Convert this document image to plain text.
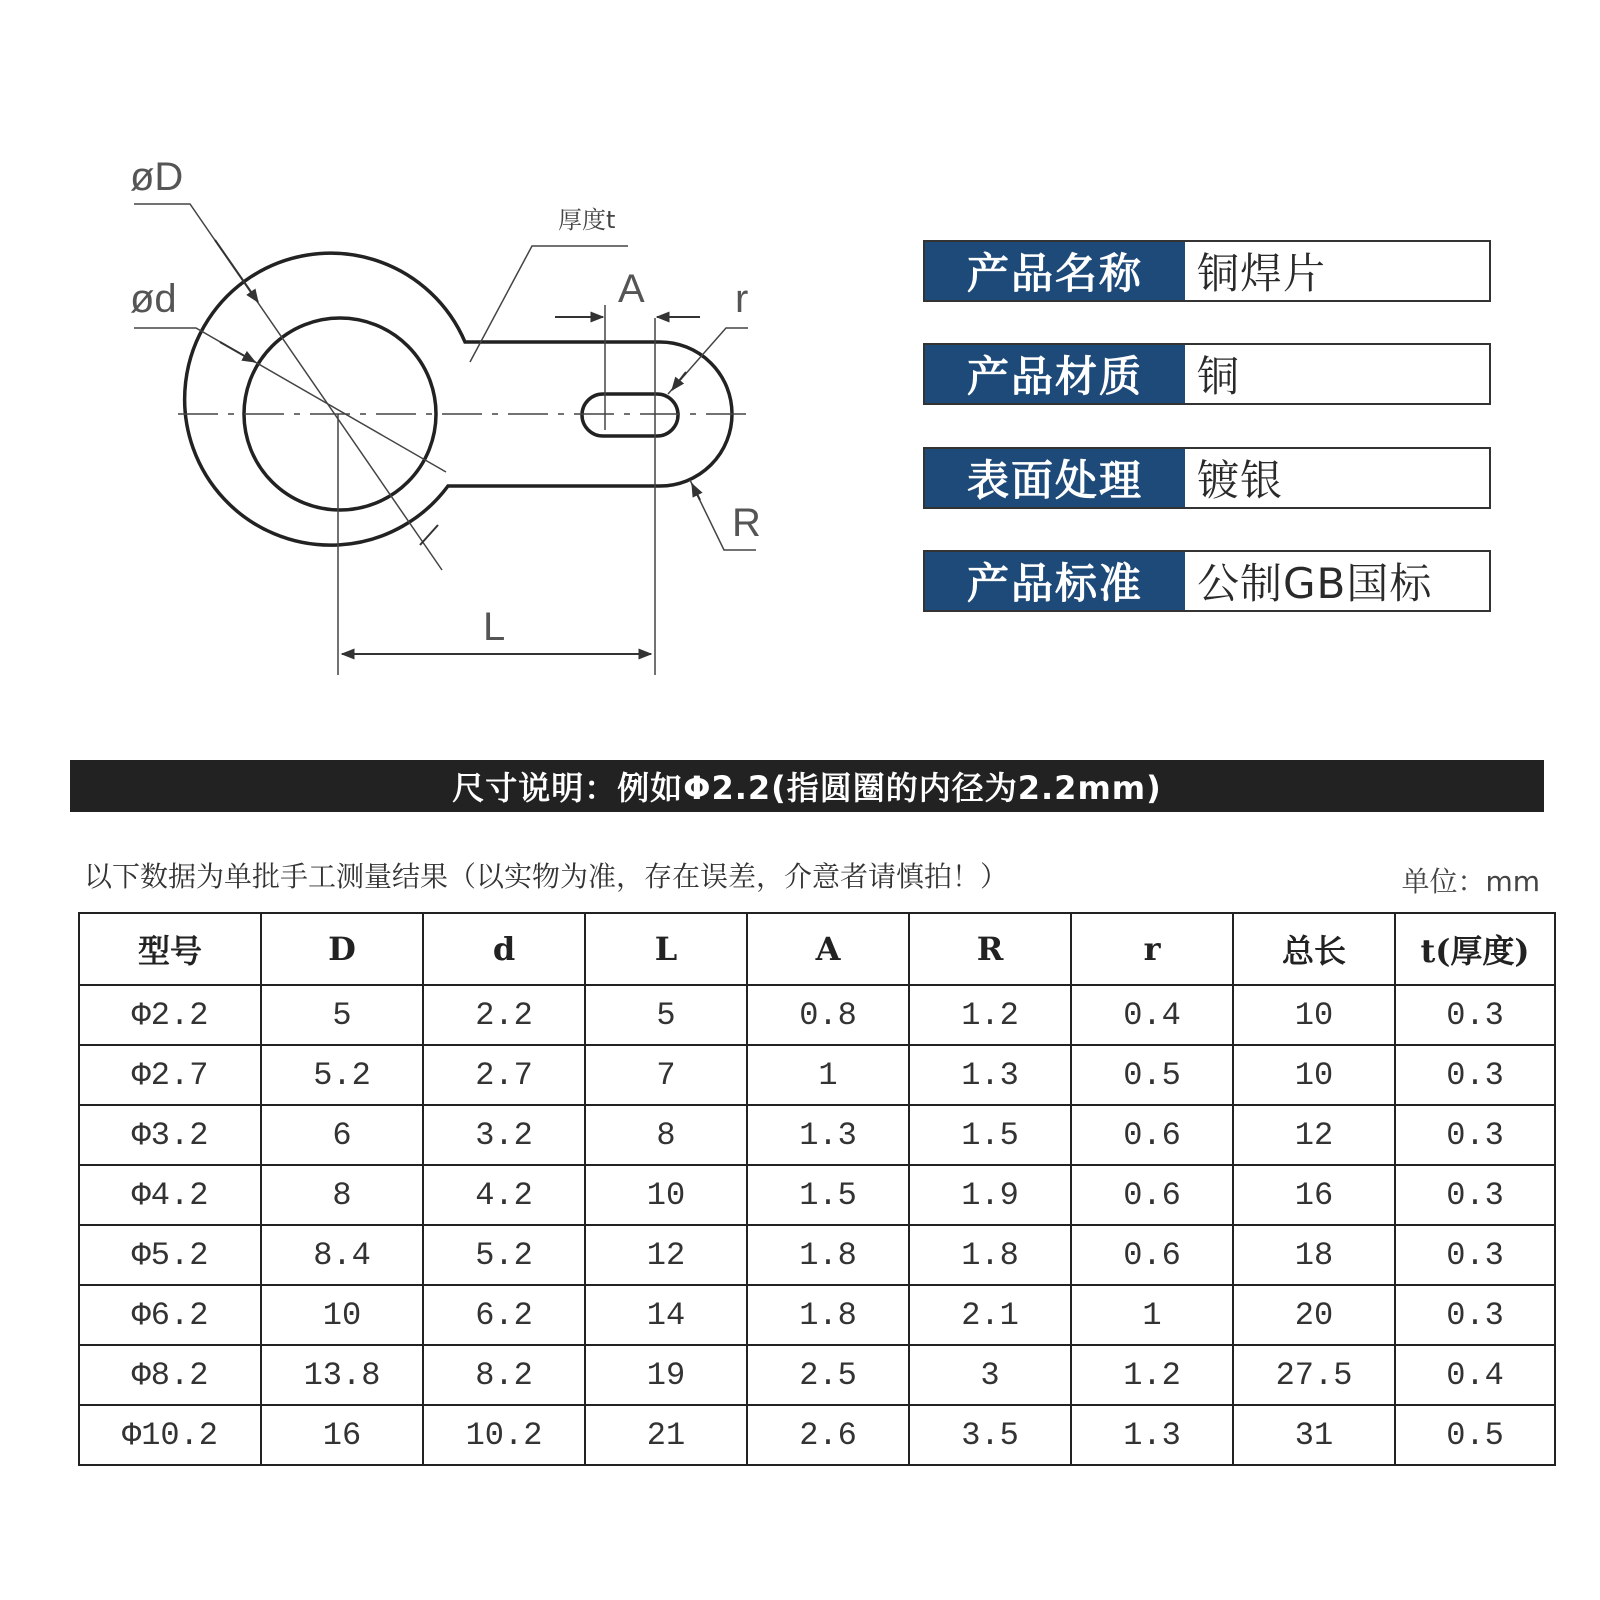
øD
ød
厚度t
A r
R
L
产品名称	铜焊片
产品材质	铜
表面处理	镀银
产品标准	公制GB国标
尺寸说明：例如Φ2.2(指圆圈的内径为2.2mm)
以下数据为单批手工测量结果（以实物为准，存在误差，介意者请慎拍！）	单位：mm
型号	D	d	L	A	R	r	总长	t(厚度)
Φ2.2	5	2.2	5	0.8	1.2	0.4	10	0.3
Φ2.7	5.2	2.7	7	1	1.3	0.5	10	0.3
Φ3.2	6	3.2	8	1.3	1.5	0.6	12	0.3
Φ4.2	8	4.2	10	1.5	1.9	0.6	16	0.3
Φ5.2	8.4	5.2	12	1.8	1.8	0.6	18	0.3
Φ6.2	10	6.2	14	1.8	2.1	1	20	0.3
Φ8.2	13.8	8.2	19	2.5	3	1.2	27.5	0.4
Φ10.2	16	10.2	21	2.6	3.5	1.3	31	0.5
